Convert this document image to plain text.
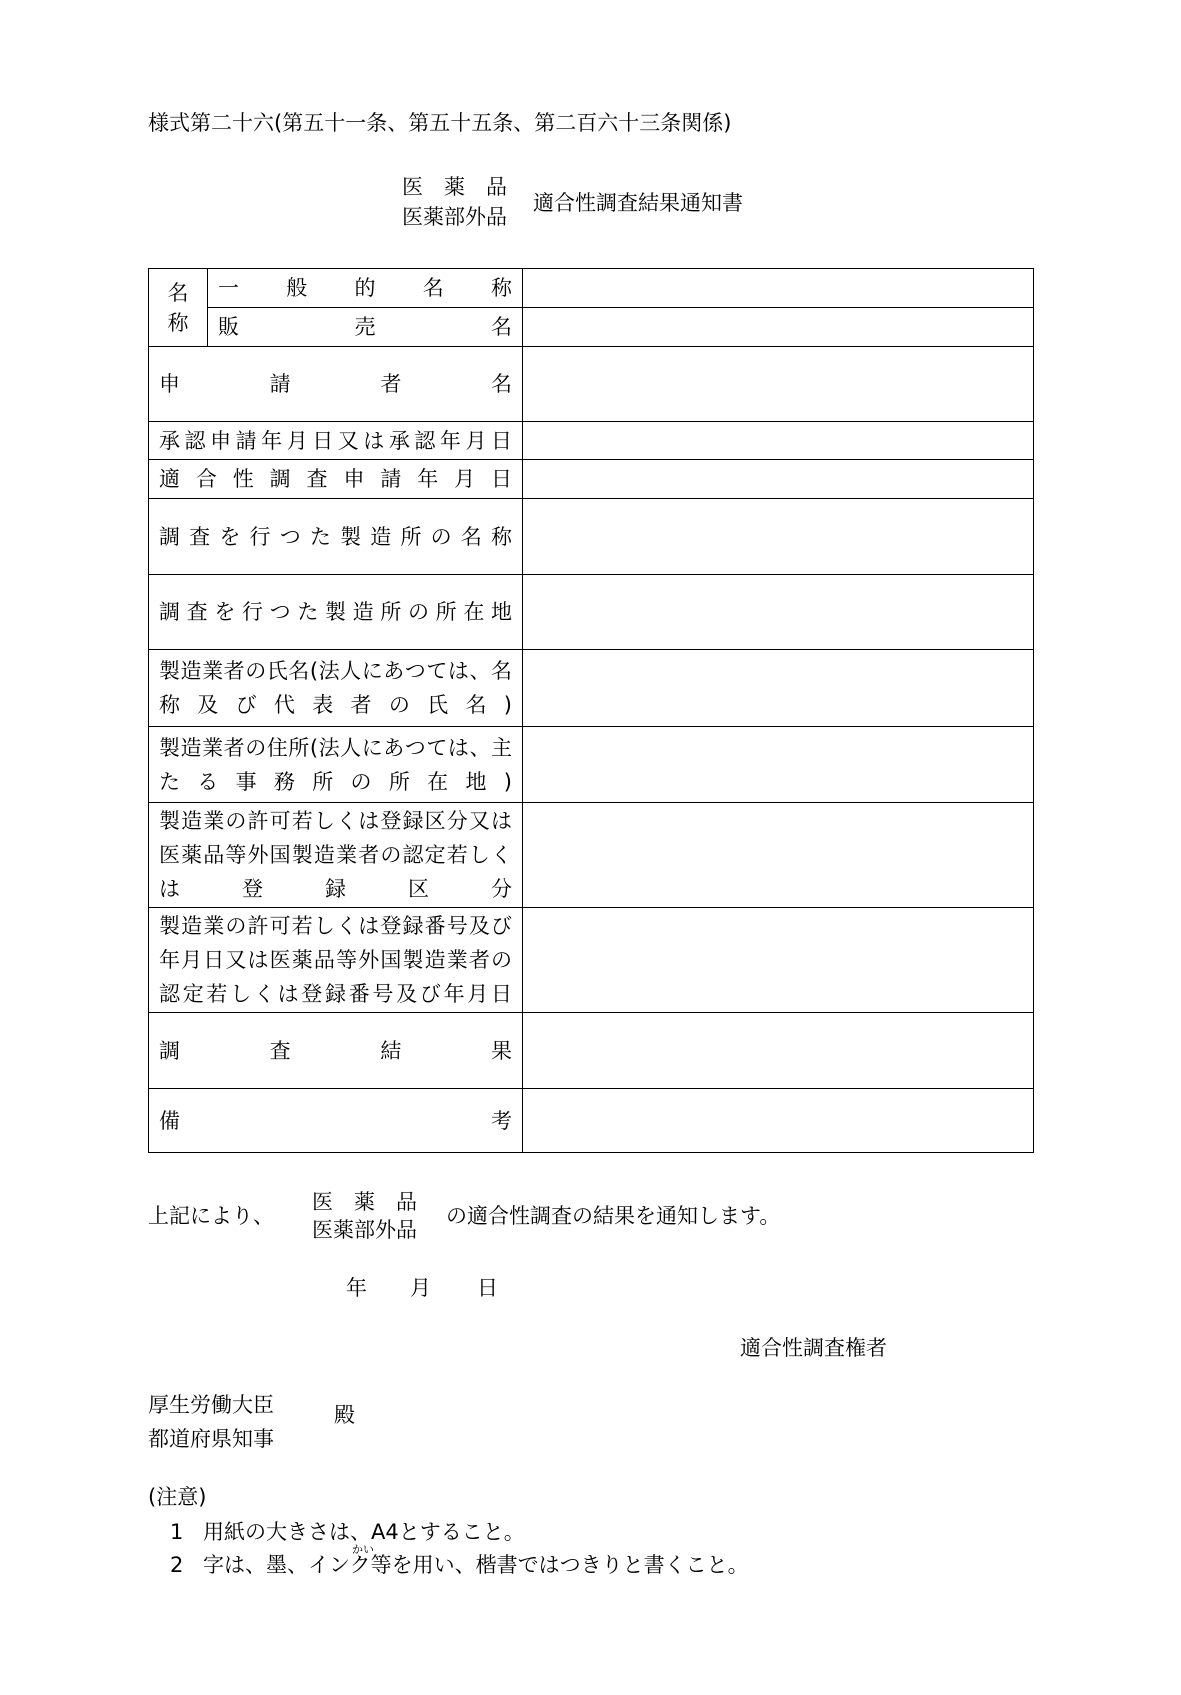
様式第二十六(第五十一条、第五十五条、第二百六十三条関係)
医　薬　品
医薬部外品
適合性調査結果通知書
名称	一般的名称	
	販売名	
申請者名		
承認申請年月日又は承認年月日		
適合性調査申請年月日		
調査を行つた製造所の名称		
調査を行つた製造所の所在地		
製造業者の氏名(法人にあつては、名称及び代表者の氏名)		
製造業者の住所(法人にあつては、主たる事務所の所在地)		
製造業の許可若しくは登録区分又は医薬品等外国製造業者の認定若しくは登録区分		
製造業の許可若しくは登録番号及び年月日又は医薬品等外国製造業者の認定若しくは登録番号及び年月日		
調査結果		
備考		
上記により、
医　薬　品
医薬部外品
の適合性調査の結果を通知します。
年 月 日
適合性調査権者
厚生労働大臣
都道府県知事
殿
(注意)
1 用紙の大きさは、A4とすること。
2
かい
字は、墨、インク等を用い、楷書ではつきりと書くこと。
